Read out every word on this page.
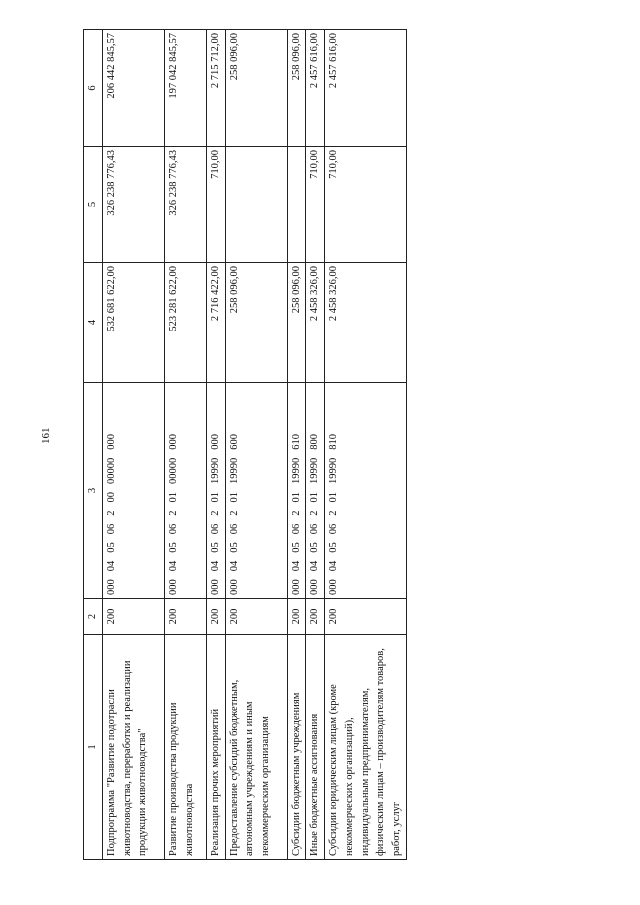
161
1	2	3	4	5	6
Подпрограмма "Развитие подотрасли животноводства, переработки и реализации продукции животноводства"	200	00004050620000000000	532 681 622,00	326 238 776,43	206 442 845,57
Развитие производства продукции животноводства	200	00004050620100000000	523 281 622,00	326 238 776,43	197 042 845,57
Реализация прочих мероприятий	200	00004050620119990000	2 716 422,00	710,00	2 715 712,00
Предоставление субсидий бюджетным, автономным учреждениям и иным некоммерческим организациям	200	00004050620119990600	258 096,00		258 096,00
Субсидии бюджетным учреждениям	200	00004050620119990610	258 096,00		258 096,00
Иные бюджетные ассигнования	200	00004050620119990800	2 458 326,00	710,00	2 457 616,00
Субсидии юридическим лицам (кроме некоммерческих организаций), индивидуальным предпринимателям, физическим лицам – производителям товаров, работ, услуг	200	00004050620119990810	2 458 326,00	710,00	2 457 616,00
